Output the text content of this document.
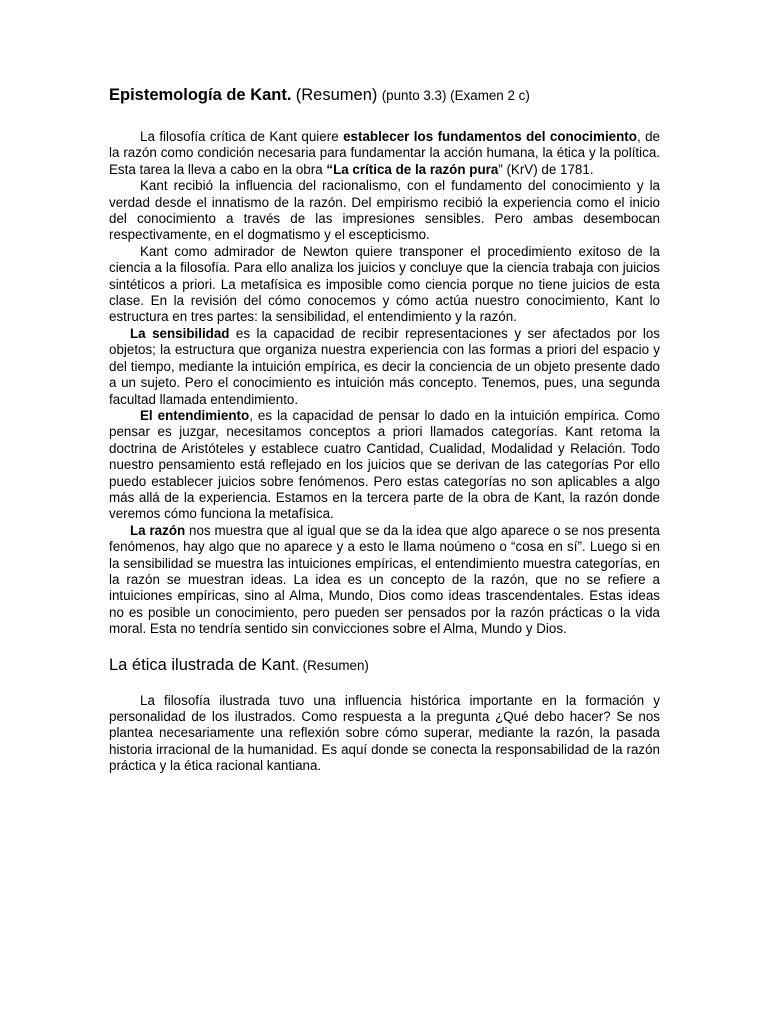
Epistemología de Kant. (Resumen) (punto 3.3) (Examen 2 c)

La filosofía crítica de Kant quiere establecer los fundamentos del conocimiento, de la razón como condición necesaria para fundamentar la acción humana, la ética y la política. Esta tarea la lleva a cabo en la obra “La crítica de la razón pura” (KrV) de 1781.

Kant recibió la influencia del racionalismo, con el fundamento del conocimiento y la verdad desde el innatismo de la razón. Del empirismo recibió la experiencia como el inicio del conocimiento a través de las impresiones sensibles. Pero ambas desembocan respectivamente, en el dogmatismo y el escepticismo.

Kant como admirador de Newton quiere transponer el procedimiento exitoso de la ciencia a la filosofía. Para ello analiza los juicios y concluye que la ciencia trabaja con juicios sintéticos a priori. La metafísica es imposible como ciencia porque no tiene juicios de esta clase. En la revisión del cómo conocemos y cómo actúa nuestro conocimiento, Kant lo estructura en tres partes: la sensibilidad, el entendimiento y la razón.

La sensibilidad es la capacidad de recibir representaciones y ser afectados por los objetos; la estructura que organiza nuestra experiencia con las formas a priori del espacio y del tiempo, mediante la intuición empírica, es decir la conciencia de un objeto presente dado a un sujeto. Pero el conocimiento es intuición más concepto. Tenemos, pues, una segunda facultad llamada entendimiento.

El entendimiento, es la capacidad de pensar lo dado en la intuición empírica. Como pensar es juzgar, necesitamos conceptos a priori llamados categorías. Kant retoma la doctrina de Aristóteles y establece cuatro Cantidad, Cualidad, Modalidad y Relación. Todo nuestro pensamiento está reflejado en los juicios que se derivan de las categorías Por ello puedo establecer juicios sobre fenómenos. Pero estas categorías no son aplicables a algo más allá de la experiencia. Estamos en la tercera parte de la obra de Kant, la razón donde veremos cómo funciona la metafísica.

La razón nos muestra que al igual que se da la idea que algo aparece o se nos presenta fenómenos, hay algo que no aparece y a esto le llama noúmeno o “cosa en sí”. Luego si en la sensibilidad se muestra las intuiciones empíricas, el entendimiento muestra categorías, en la razón se muestran ideas. La idea es un concepto de la razón, que no se refiere a intuiciones empíricas, sino al Alma, Mundo, Dios como ideas trascendentales. Estas ideas no es posible un conocimiento, pero pueden ser pensados por la razón prácticas o la vida moral. Esta no tendría sentido sin convicciones sobre el Alma, Mundo y Dios.

La ética ilustrada de Kant. (Resumen)

La filosofía ilustrada tuvo una influencia histórica importante en la formación y personalidad de los ilustrados. Como respuesta a la pregunta ¿Qué debo hacer? Se nos plantea necesariamente una reflexión sobre cómo superar, mediante la razón, la pasada historia irracional de la humanidad. Es aquí donde se conecta la responsabilidad de la razón práctica y la ética racional kantiana.
